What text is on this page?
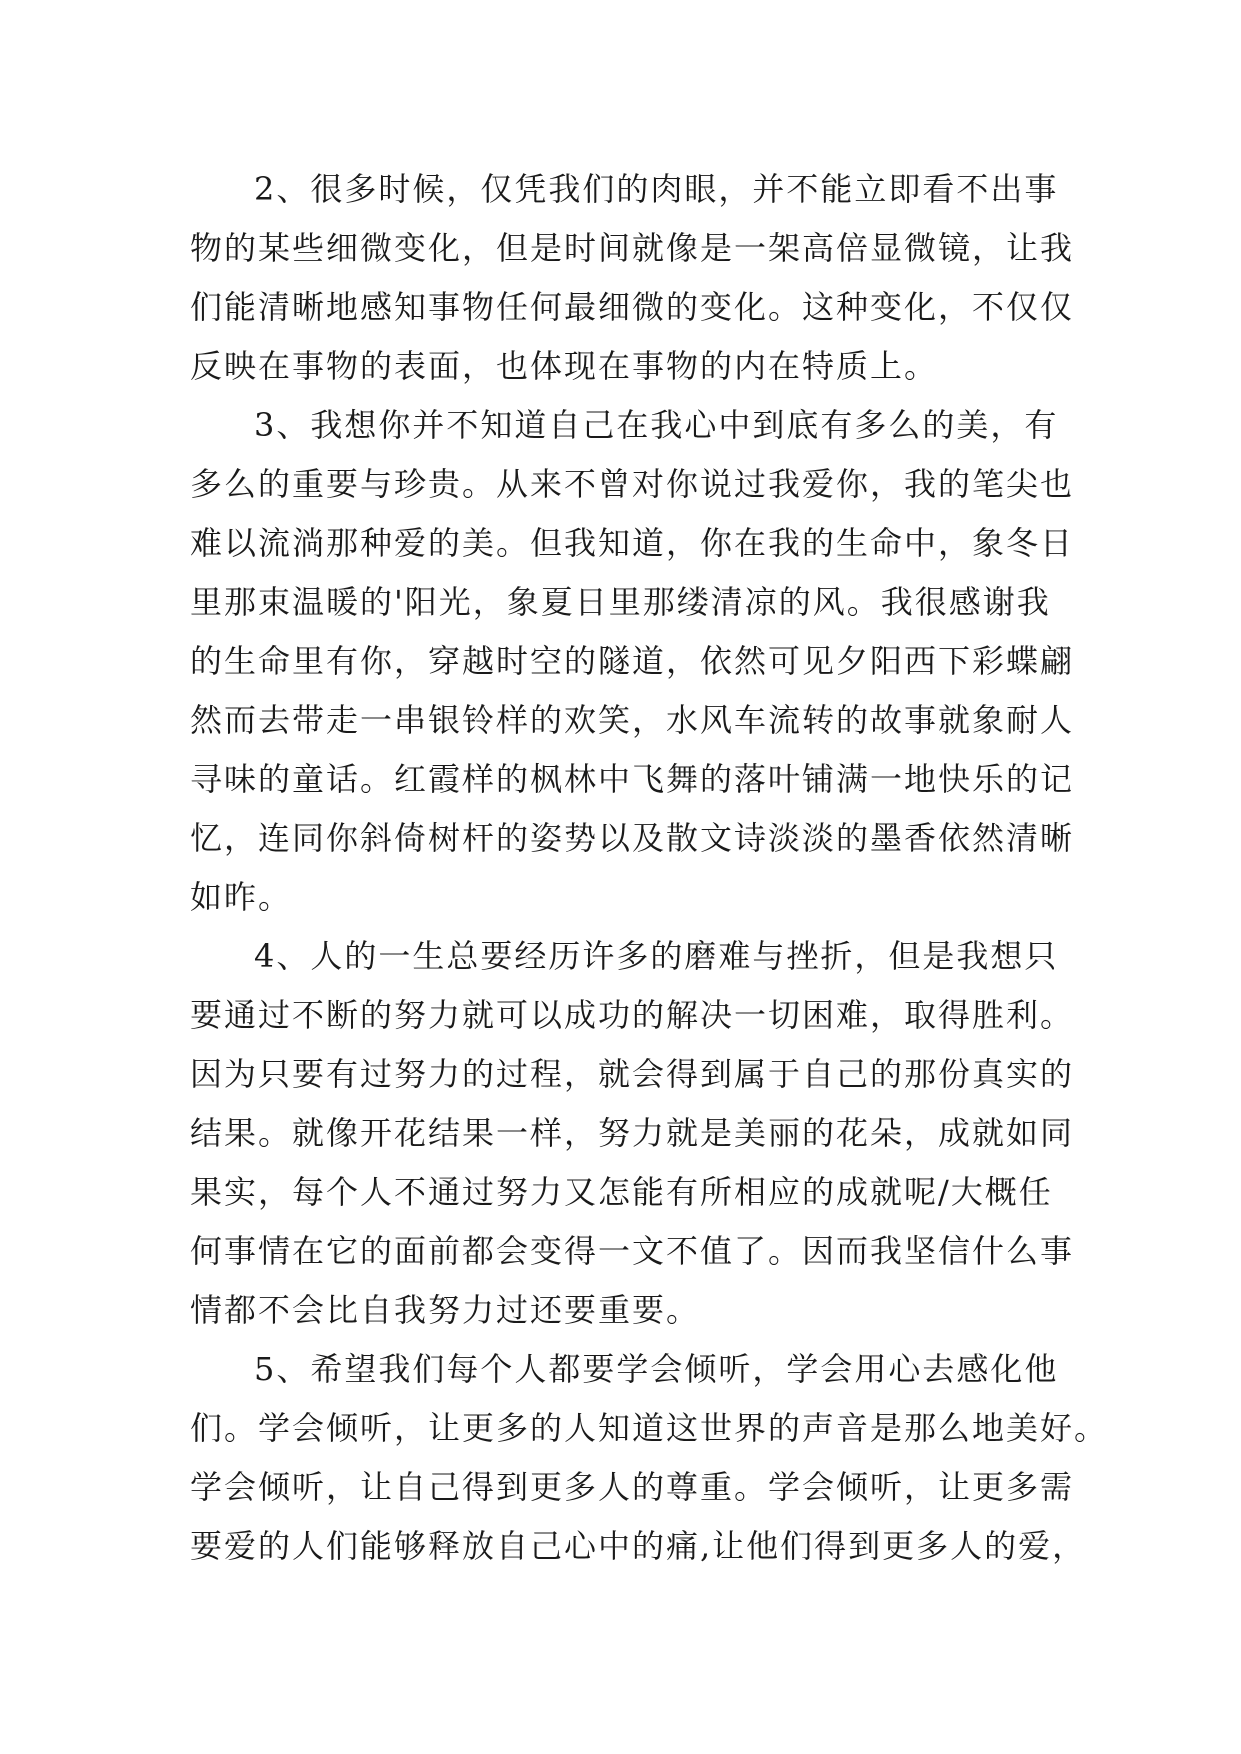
2、很多时候，仅凭我们的肉眼，并不能立即看不出事
物的某些细微变化，但是时间就像是一架高倍显微镜，让我
们能清晰地感知事物任何最细微的变化。这种变化，不仅仅
反映在事物的表面，也体现在事物的内在特质上。
3、我想你并不知道自己在我心中到底有多么的美，有
多么的重要与珍贵。从来不曾对你说过我爱你，我的笔尖也
难以流淌那种爱的美。但我知道，你在我的生命中，象冬日
里那束温暖的'阳光，象夏日里那缕清凉的风。我很感谢我
的生命里有你，穿越时空的隧道，依然可见夕阳西下彩蝶翩
然而去带走一串银铃样的欢笑，水风车流转的故事就象耐人
寻味的童话。红霞样的枫林中飞舞的落叶铺满一地快乐的记
忆，连同你斜倚树杆的姿势以及散文诗淡淡的墨香依然清晰
如昨。
4、人的一生总要经历许多的磨难与挫折，但是我想只
要通过不断的努力就可以成功的解决一切困难，取得胜利。
因为只要有过努力的过程，就会得到属于自己的那份真实的
结果。就像开花结果一样，努力就是美丽的花朵，成就如同
果实，每个人不通过努力又怎能有所相应的成就呢/大概任
何事情在它的面前都会变得一文不值了。因而我坚信什么事
情都不会比自我努力过还要重要。
5、希望我们每个人都要学会倾听，学会用心去感化他
们。学会倾听，让更多的人知道这世界的声音是那么地美好。
学会倾听，让自己得到更多人的尊重。学会倾听，让更多需
要爱的人们能够释放自己心中的痛,让他们得到更多人的爱，
